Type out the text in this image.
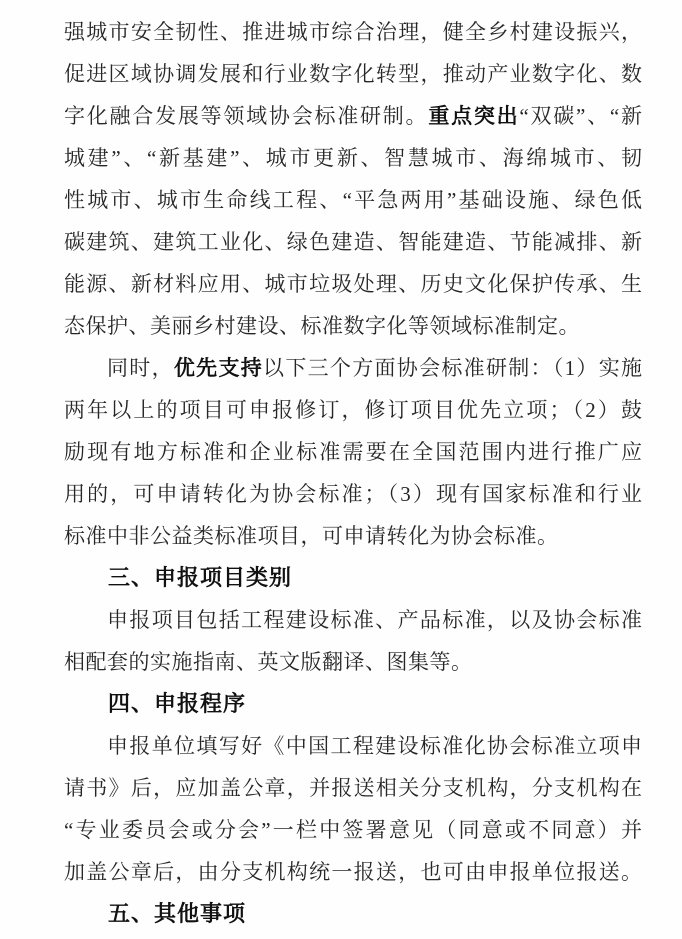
强城市安全韧性、推进城市综合治理，健全乡村建设振兴，
促进区域协调发展和行业数字化转型，推动产业数字化、数
字化融合发展等领域协会标准研制。重点突出“双碳”、“新
城建”、“新基建”、城市更新、智慧城市、海绵城市、韧
性城市、城市生命线工程、“平急两用”基础设施、绿色低
碳建筑、建筑工业化、绿色建造、智能建造、节能减排、新
能源、新材料应用、城市垃圾处理、历史文化保护传承、生
态保护、美丽乡村建设、标准数字化等领域标准制定。
同时，优先支持以下三个方面协会标准研制：（1）实施
两年以上的项目可申报修订，修订项目优先立项；（2）鼓
励现有地方标准和企业标准需要在全国范围内进行推广应
用的，可申请转化为协会标准；（3）现有国家标准和行业
标准中非公益类标准项目，可申请转化为协会标准。
三、申报项目类别
申报项目包括工程建设标准、产品标准，以及协会标准
相配套的实施指南、英文版翻译、图集等。
四、申报程序
申报单位填写好《中国工程建设标准化协会标准立项申
请书》后，应加盖公章，并报送相关分支机构，分支机构在
“专业委员会或分会”一栏中签署意见（同意或不同意）并
加盖公章后，由分支机构统一报送，也可由申报单位报送。
五、其他事项
